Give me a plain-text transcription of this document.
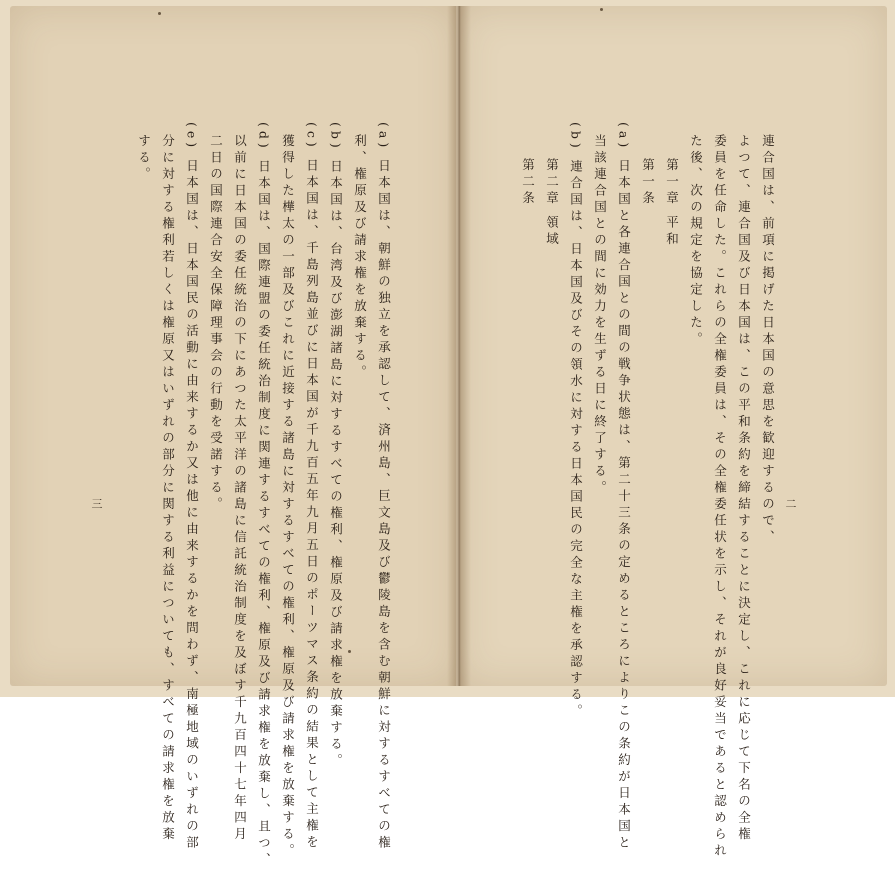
二
連合国は、前項に掲げた日本国の意思を歓迎するので、
よつて、連合国及び日本国は、この平和条約を締結することに決定し、これに応じて下名の全権
委員を任命した。これらの全権委員は、その全権委任状を示し、それが良好妥当であると認められ
た後、次の規定を協定した。
第一章 平和
第一条
(a) 日本国と各連合国との間の戦争状態は、第二十三条の定めるところによりこの条約が日本国と
当該連合国との間に効力を生ずる日に終了する。
(b) 連合国は、日本国及びその領水に対する日本国民の完全な主権を承認する。
第二章 領域
第二条
三	(a) 日本国は、朝鮮の独立を承認して、済州島、巨文島及び鬱陵島を含む朝鮮に対するすべての権
利、権原及び請求権を放棄する。
(b) 日本国は、台湾及び澎湖諸島に対するすべての権利、権原及び請求権を放棄する。
(c) 日本国は、千島列島並びに日本国が千九百五年九月五日のポーツマス条約の結果として主権を
獲得した樺太の一部及びこれに近接する諸島に対するすべての権利、権原及び請求権を放棄する。
(d) 日本国は、国際連盟の委任統治制度に関連するすべての権利、権原及び請求権を放棄し、且つ、
以前に日本国の委任統治の下にあつた太平洋の諸島に信託統治制度を及ぼす千九百四十七年四月
二日の国際連合安全保障理事会の行動を受諾する。
(e) 日本国は、日本国民の活動に由来するか又は他に由来するかを問わず、南極地域のいずれの部
分に対する権利若しくは権原又はいずれの部分に関する利益についても、すべての請求権を放棄
する。
